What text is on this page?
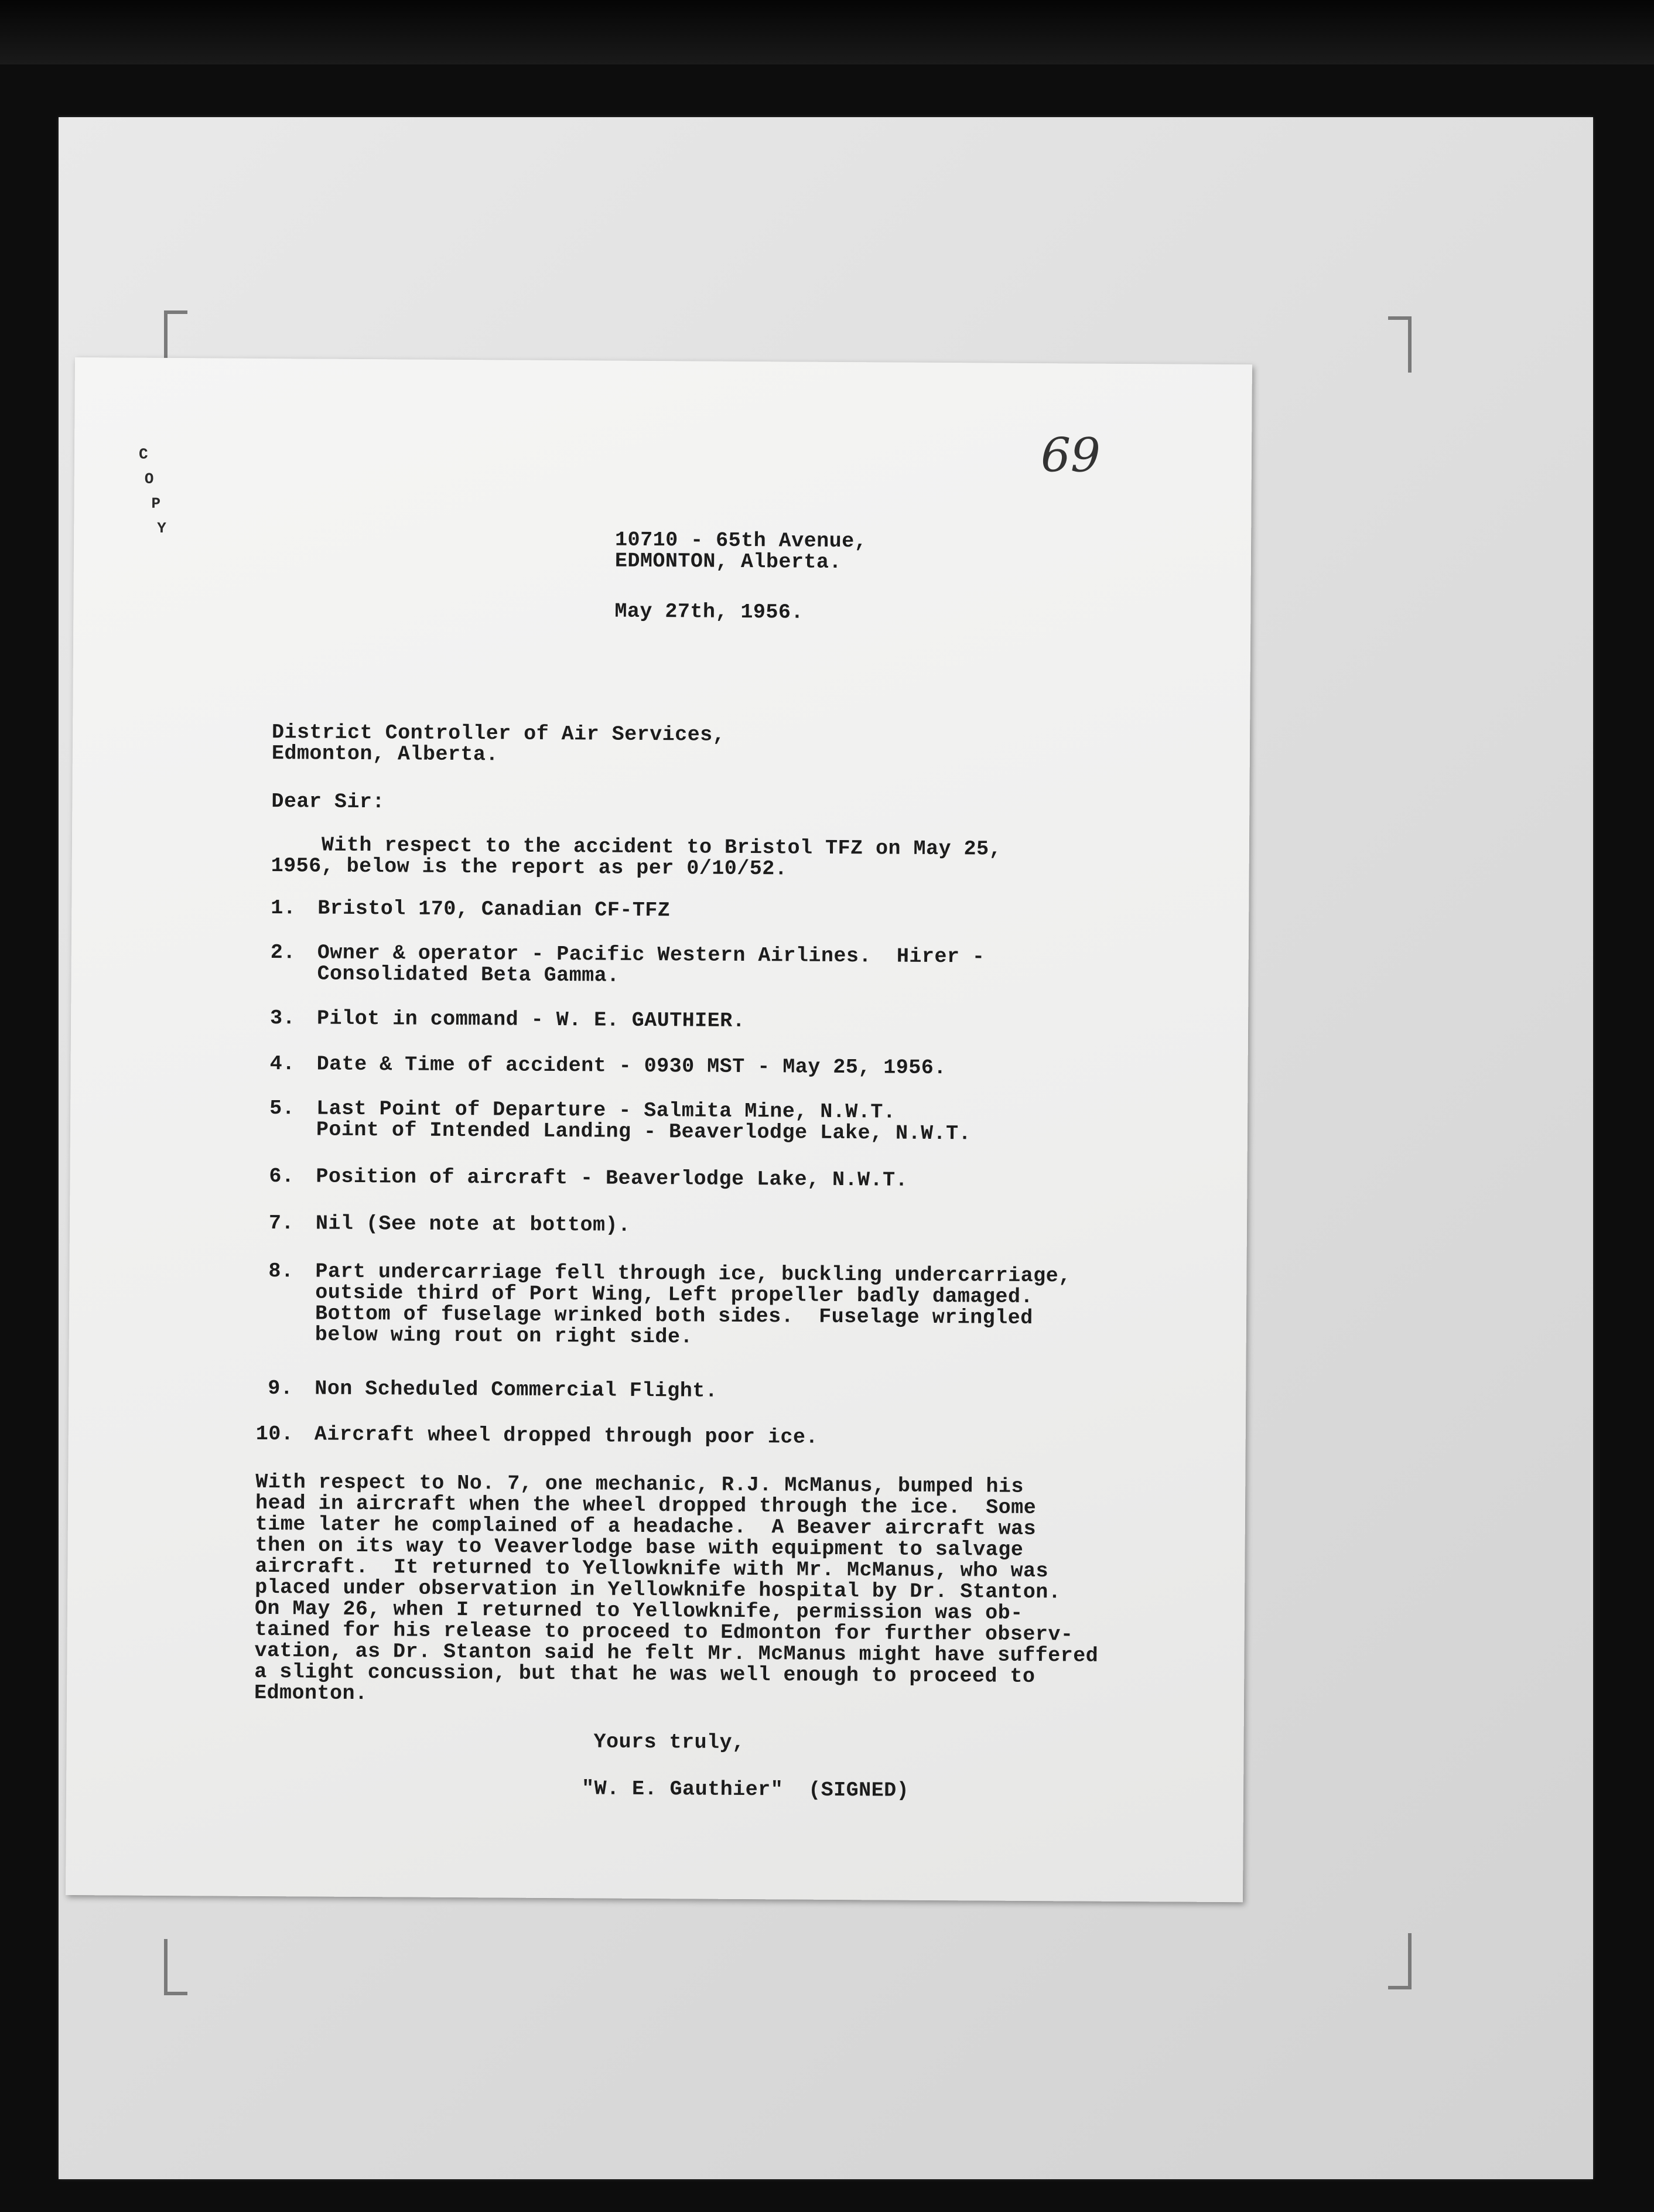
69
C
O
P
Y	10710 - 65th Avenue,

EDMONTON, Alberta.

May 27th, 1956.

District Controller of Air Services,

Edmonton, Alberta.

Dear Sir:

With respect to the accident to Bristol TFZ on May 25,

1956, below is the report as per 0/10/52.

1. Bristol 170, Canadian CF-TFZ

2. Owner & operator - Pacific Western Airlines.  Hirer -

Consolidated Beta Gamma.

3. Pilot in command - W. E. GAUTHIER.

4. Date & Time of accident - 0930 MST - May 25, 1956.

5. Last Point of Departure - Salmita Mine, N.W.T.

Point of Intended Landing - Beaverlodge Lake, N.W.T.

6. Position of aircraft - Beaverlodge Lake, N.W.T.

7. Nil (See note at bottom).

8. Part undercarriage fell through ice, buckling undercarriage,

outside third of Port Wing, Left propeller badly damaged.

Bottom of fuselage wrinked both sides.  Fuselage wringled

below wing rout on right side.

9. Non Scheduled Commercial Flight.

10. Aircraft wheel dropped through poor ice.

With respect to No. 7, one mechanic, R.J. McManus, bumped his

head in aircraft when the wheel dropped through the ice.  Some

time later he complained of a headache.  A Beaver aircraft was

then on its way to Veaverlodge base with equipment to salvage

aircraft.  It returned to Yellowknife with Mr. McManus, who was

placed under observation in Yellowknife hospital by Dr. Stanton.

On May 26, when I returned to Yellowknife, permission was ob-

tained for his release to proceed to Edmonton for further observ-

vation, as Dr. Stanton said he felt Mr. McManus might have suffered

a slight concussion, but that he was well enough to proceed to

Edmonton.

Yours truly,

"W. E. Gauthier"  (SIGNED)
